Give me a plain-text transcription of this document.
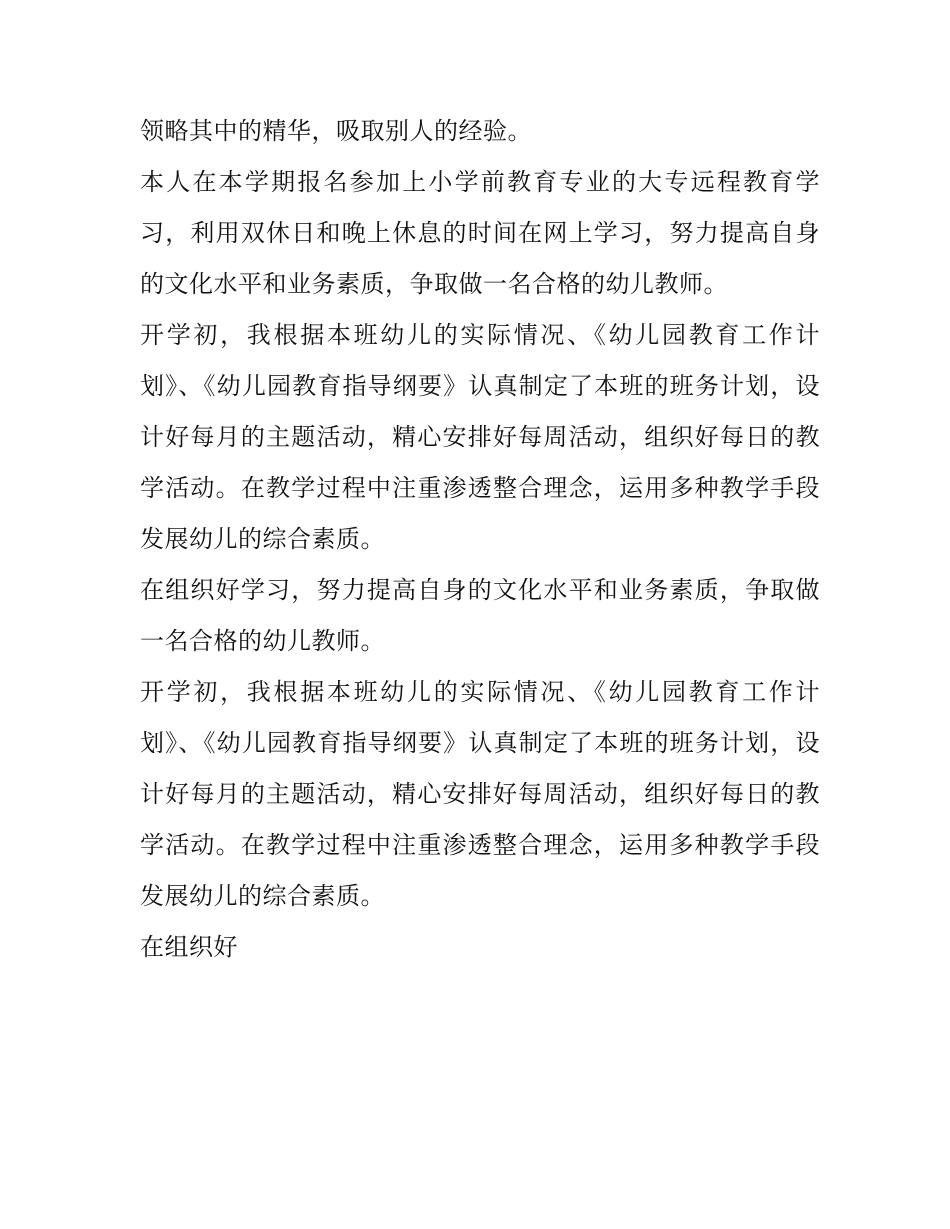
领略其中的精华，吸取别人的经验。

本人在本学期报名参加上小学前教育专业的大专远程教育学习，利用双休日和晚上休息的时间在网上学习，努力提高自身的文化水平和业务素质，争取做一名合格的幼儿教师。

开学初，我根据本班幼儿的实际情况、《幼儿园教育工作计划》、《幼儿园教育指导纲要》认真制定了本班的班务计划，设计好每月的主题活动，精心安排好每周活动，组织好每日的教学活动。在教学过程中注重渗透整合理念，运用多种教学手段发展幼儿的综合素质。

在组织好学习，努力提高自身的文化水平和业务素质，争取做一名合格的幼儿教师。

开学初，我根据本班幼儿的实际情况、《幼儿园教育工作计划》、《幼儿园教育指导纲要》认真制定了本班的班务计划，设计好每月的主题活动，精心安排好每周活动，组织好每日的教学活动。在教学过程中注重渗透整合理念，运用多种教学手段发展幼儿的综合素质。

在组织好
